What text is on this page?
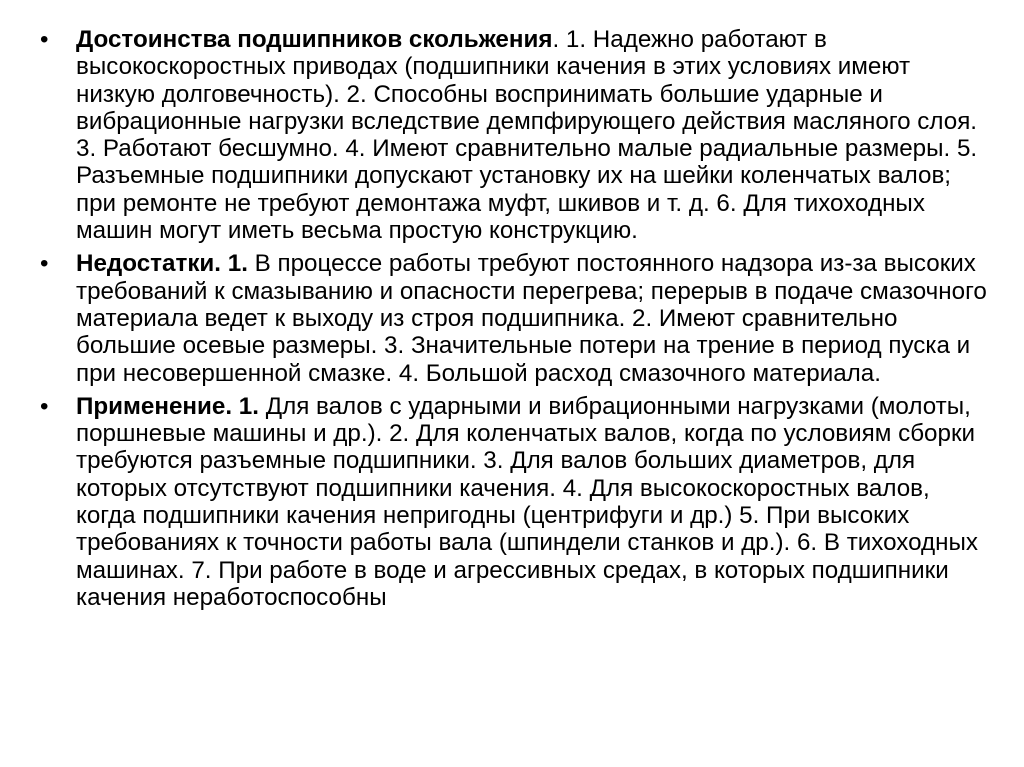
•	Достоинства подшипников скольжения. 1. Надежно работают в высокоскоростных приводах (подшипники качения в этих условиях имеют низкую долговечность). 2. Способны воспринимать большие ударные и вибрационные нагрузки вследствие демпфирующего действия масляного слоя. 3. Работают бесшумно. 4. Имеют сравнительно малые радиальные размеры. 5. Разъемные подшипники допускают установку их на шейки коленчатых валов; при ремонте не требуют демонтажа муфт, шкивов и т. д. 6. Для тихоходных машин могут иметь весьма простую конструкцию.
•	Недостатки. 1. В процессе работы требуют постоянного надзора из-за высоких требований к смазыванию и опасности перегрева; перерыв в подаче смазочного материала ведет к выходу из строя подшипника. 2. Имеют сравнительно большие осевые размеры. 3. Значительные потери на трение в период пуска и при несовершенной смазке. 4. Большой расход смазочного материала.
•	Применение. 1. Для валов с ударными и вибрационными нагрузками (молоты, поршневые машины и др.). 2. Для коленчатых валов, когда по условиям сборки требуются разъемные подшипники. 3. Для валов больших диаметров, для которых отсутствуют подшипники качения. 4. Для высокоскоростных валов, когда подшипники качения непригодны (центрифуги и др.) 5. При высоких требованиях к точности работы вала (шпиндели станков и др.). 6. В тихоходных машинах. 7. При работе в воде и агрессивных средах, в которых подшипники качения неработоспособны
